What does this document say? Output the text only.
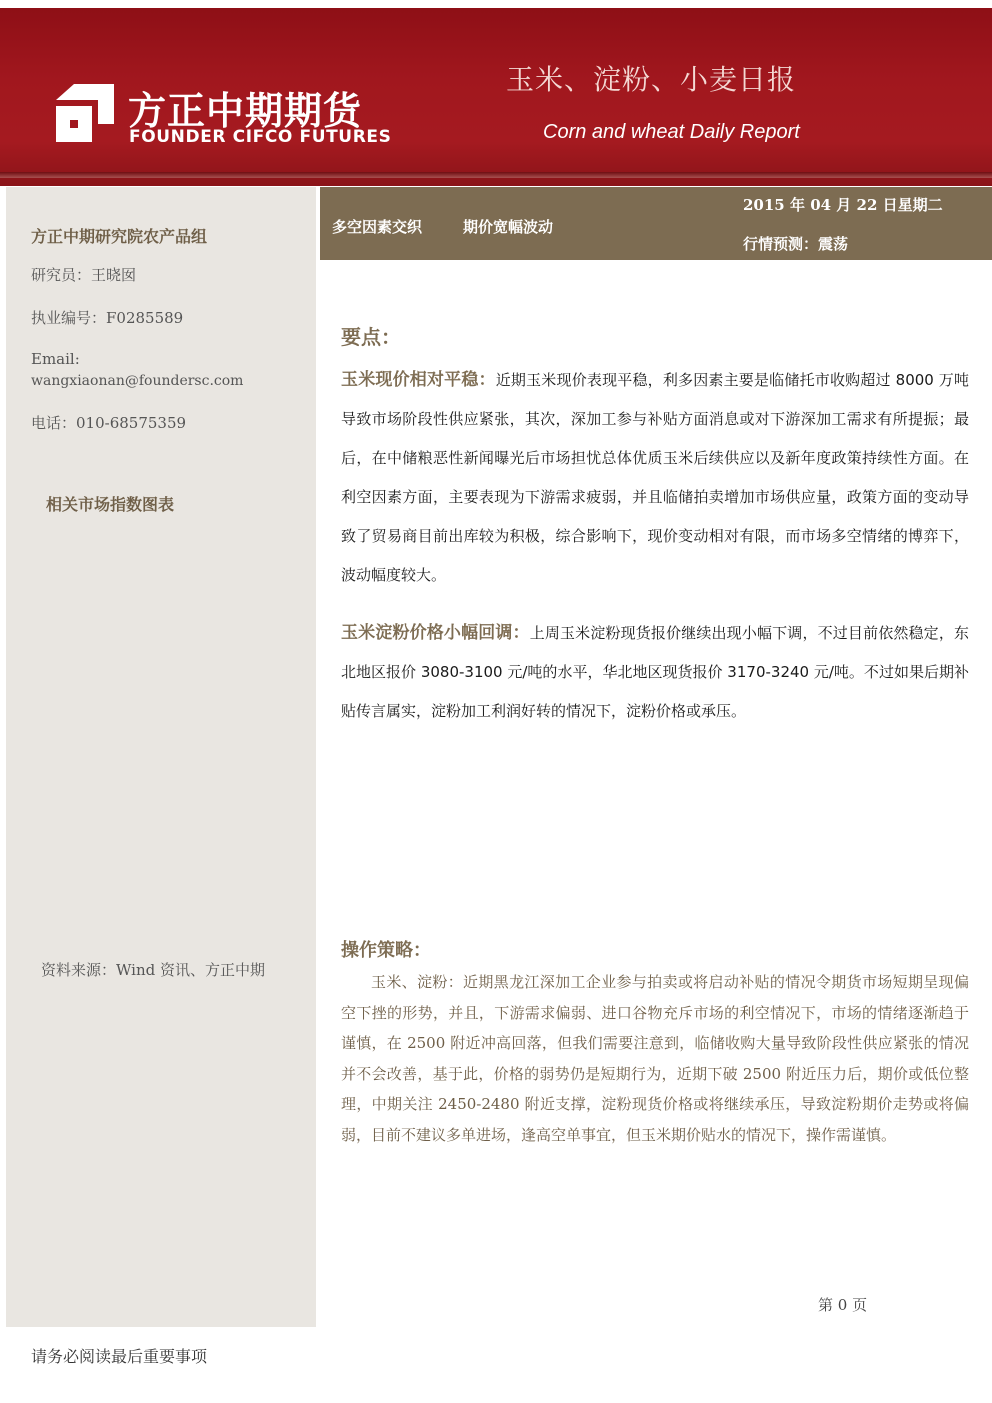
方正中期期货
FOUNDER CIFCO FUTURES
玉米、淀粉、小麦日报
Corn and wheat Daily Report
方正中期研究院农产品组
研究员：王晓囡
执业编号：F0285589
Email:
wangxiaonan@foundersc.com
电话：010-68575359
相关市场指数图表
资料来源：Wind 资讯、方正中期
多空因素交织	期价宽幅波动
2015 年 04 月 22 日星期二
行情预测：震荡
要点：
玉米现价相对平稳：近期玉米现价表现平稳，利多因素主要是临储托市收购超过 8000 万吨导致市场阶段性供应紧张，其次，深加工参与补贴方面消息或对下游深加工需求有所提振；最后，在中储粮恶性新闻曝光后市场担忧总体优质玉米后续供应以及新年度政策持续性方面。在利空因素方面，主要表现为下游需求疲弱，并且临储拍卖增加市场供应量，政策方面的变动导致了贸易商目前出库较为积极，综合影响下，现价变动相对有限，而市场多空情绪的博弈下，波动幅度较大。
玉米淀粉价格小幅回调：上周玉米淀粉现货报价继续出现小幅下调，不过目前依然稳定，东北地区报价 3080-3100 元/吨的水平，华北地区现货报价 3170-3240 元/吨。不过如果后期补贴传言属实，淀粉加工利润好转的情况下，淀粉价格或承压。
操作策略：
玉米、淀粉：近期黑龙江深加工企业参与拍卖或将启动补贴的情况令期货市场短期呈现偏空下挫的形势，并且，下游需求偏弱、进口谷物充斥市场的利空情况下，市场的情绪逐渐趋于谨慎，在 2500 附近冲高回落，但我们需要注意到，临储收购大量导致阶段性供应紧张的情况并不会改善，基于此，价格的弱势仍是短期行为，近期下破 2500 附近压力后，期价或低位整理，中期关注 2450-2480 附近支撑，淀粉现货价格或将继续承压，导致淀粉期价走势或将偏弱，目前不建议多单进场，逢高空单事宜，但玉米期价贴水的情况下，操作需谨慎。
第 0 页
请务必阅读最后重要事项
